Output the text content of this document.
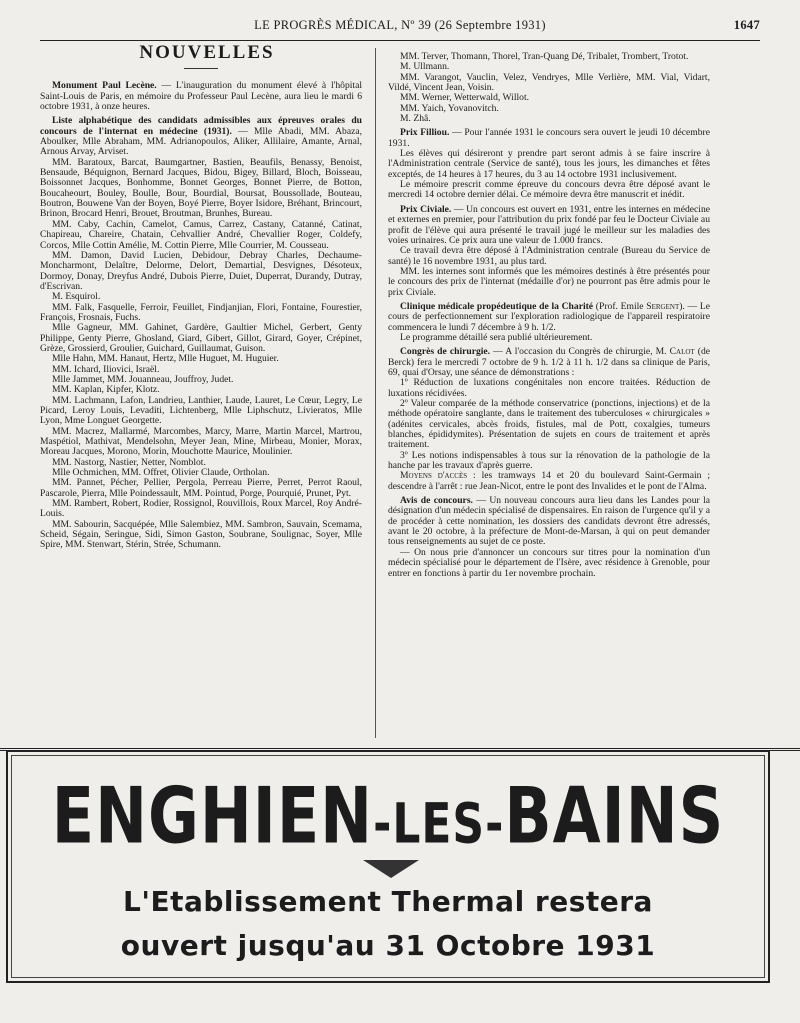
LE PROGRÈS MÉDICAL, Nº 39 (26 Septembre 1931)	1647

NOUVELLES

Monument Paul Lecène. — L'inauguration du monument élevé à l'hôpital Saint-Louis de Paris, en mémoire du Professeur Paul Lecène, aura lieu le mardi 6 octobre 1931, à onze heures.

Liste alphabétique des candidats admissibles aux épreuves orales du concours de l'internat en médecine (1931). — Mlle Abadi, MM. Abaza, Aboulker, Mlle Abraham, MM. Adrianopoulos, Aliker, Allilaire, Amante, Arnal, Arnous Arvay, Arviset.

MM. Baratoux, Barcat, Baumgartner, Bastien, Beaufils, Benassy, Benoist, Bensaude, Béquignon, Bernard Jacques, Bidou, Bigey, Billard, Bloch, Boisseau, Boissonnet Jacques, Bonhomme, Bonnet Georges, Bonnet Pierre, de Botton, Boucaheourt, Bouley, Boulle, Bour, Bourdial, Boursat, Boussollade, Bouteau, Boutron, Bouwene Van der Boyen, Boyé Pierre, Boyer Isidore, Bréhant, Brincourt, Brinon, Brocard Henri, Brouet, Broutman, Brunhes, Bureau.

MM. Caby, Cachin, Camelot, Camus, Carrez, Castany, Catanné, Catinat, Chapireau, Chareire, Chatain, Cehvallier André, Chevallier Roger, Coldefy, Corcos, Mlle Cottin Amélie, M. Cottin Pierre, Mlle Courrier, M. Cousseau.

MM. Damon, David Lucien, Debidour, Debray Charles, Dechaume-Moncharmont, Delaître, Delorme, Delort, Demartial, Desvignes, Désoteux, Dormoy, Donay, Dreyfus André, Dubois Pierre, Duiet, Duperrat, Durandy, Dutray, d'Escrivan.

M. Esquirol.

MM. Falk, Fasquelle, Ferroir, Feuillet, Findjanjian, Flori, Fontaine, Fourestier, François, Frosnais, Fuchs.

Mlle Gagneur, MM. Gahinet, Gardère, Gaultier Michel, Gerbert, Genty Philippe, Genty Pierre, Ghosland, Giard, Gibert, Gillot, Girard, Goyer, Crépinet, Grèze, Grossierd, Groulier, Guichard, Guillaumat, Guison.

Mlle Hahn, MM. Hanaut, Hertz, Mlle Huguet, M. Huguier.

MM. Ichard, Iliovici, Israël.

Mlle Jammet, MM. Jouanneau, Jouffroy, Judet.

MM. Kaplan, Kipfer, Klotz.

MM. Lachmann, Lafon, Landrieu, Lanthier, Laude, Lauret, Le Cœur, Legry, Le Picard, Leroy Louis, Levaditi, Lichtenberg, Mlle Liphschutz, Livieratos, Mlle Lyon, Mme Longuet Georgette.

MM. Macrez, Mallarmé, Marcombes, Marcy, Marre, Martin Marcel, Martrou, Maspétiol, Mathivat, Mendelsohn, Meyer Jean, Mine, Mirbeau, Monier, Morax, Moreau Jacques, Morono, Morin, Mouchotte Maurice, Moulinier.

MM. Nastorg, Nastier, Netter, Nomblot.

Mlle Ochmichen, MM. Offret, Olivier Claude, Ortholan.

MM. Pannet, Pécher, Pellier, Pergola, Perreau Pierre, Perret, Perrot Raoul, Pascarole, Pierra, Mlle Poindessault, MM. Pointud, Porge, Pourquié, Prunet, Pyt.

MM. Rambert, Robert, Rodier, Rossignol, Rouvillois, Roux Marcel, Roy André-Louis.

MM. Sabourin, Sacquépée, Mlle Salembiez, MM. Sambron, Sauvain, Scemama, Scheid, Ségain, Seringue, Sidi, Simon Gaston, Soubrane, Soulignac, Soyer, Mlle Spire, MM. Stenwart, Stérin, Strée, Schumann.

MM. Terver, Thomann, Thorel, Tran-Quang Dé, Tribalet, Trombert, Trotot.

M. Ullmann.

MM. Varangot, Vauclin, Velez, Vendryes, Mlle Verlière, MM. Vial, Vidart, Vildé, Vincent Jean, Voisin.

MM. Werner, Wetterwald, Willot.

MM. Yaich, Yovanovitch.

M. Zhâ.

Prix Filliou. — Pour l'année 1931 le concours sera ouvert le jeudi 10 décembre 1931.

Les élèves qui désireront y prendre part seront admis à se faire inscrire à l'Administration centrale (Service de santé), tous les jours, les dimanches et fêtes exceptés, de 14 heures à 17 heures, du 3 au 14 octobre 1931 inclusivement.

Le mémoire prescrit comme épreuve du concours devra être déposé avant le mercredi 14 octobre dernier délai. Ce mémoire devra être manuscrit et inédit.

Prix Civiale. — Un concours est ouvert en 1931, entre les internes en médecine et externes en premier, pour l'attribution du prix fondé par feu le Docteur Civiale au profit de l'élève qui aura présenté le travail jugé le meilleur sur les maladies des voies urinaires. Ce prix aura une valeur de 1.000 francs.

Ce travail devra être déposé à l'Administration centrale (Bureau du Service de santé) le 16 novembre 1931, au plus tard.

MM. les internes sont informés que les mémoires destinés à être présentés pour le concours des prix de l'internat (médaille d'or) ne pourront pas être admis pour le prix Civiale.

Clinique médicale propédeutique de la Charité (Prof. Emile Sergent). — Le cours de perfectionnement sur l'exploration radiologique de l'appareil respiratoire commencera le lundi 7 décembre à 9 h. 1/2.

Le programme détaillé sera publié ultérieurement.

Congrès de chirurgie. — A l'occasion du Congrès de chirurgie, M. Calot (de Berck) fera le mercredi 7 octobre de 9 h. 1/2 à 11 h. 1/2 dans sa clinique de Paris, 69, quai d'Orsay, une séance de démonstrations :

1º Réduction de luxations congénitales non encore traitées. Réduction de luxations récidivées.

2º Valeur comparée de la méthode conservatrice (ponctions, injections) et de la méthode opératoire sanglante, dans le traitement des tuberculoses « chirurgicales » (adénites cervicales, abcès froids, fistules, mal de Pott, coxalgies, tumeurs blanches, épididymites). Présentation de sujets en cours de traitement et après traitement.

3º Les notions indispensables à tous sur la rénovation de la pathologie de la hanche par les travaux d'après guerre.

Moyens d'accès : les tramways 14 et 20 du boulevard Saint-Germain ; descendre à l'arrêt : rue Jean-Nicot, entre le pont des Invalides et le pont de l'Alma.

Avis de concours. — Un nouveau concours aura lieu dans les Landes pour la désignation d'un médecin spécialisé de dispensaires. En raison de l'urgence qu'il y a de procéder à cette nomination, les dossiers des candidats devront être adressés, avant le 20 octobre, à la préfecture de Mont-de-Marsan, à qui on peut demander tous renseignements au sujet de ce poste.

— On nous prie d'annoncer un concours sur titres pour la nomination d'un médecin spécialisé pour le département de l'Isère, avec résidence à Grenoble, pour entrer en fonctions à partir du 1er novembre prochain.

ENGHIEN-LES-BAINS
L'Etablissement Thermal restera
ouvert jusqu'au 31 Octobre 1931
